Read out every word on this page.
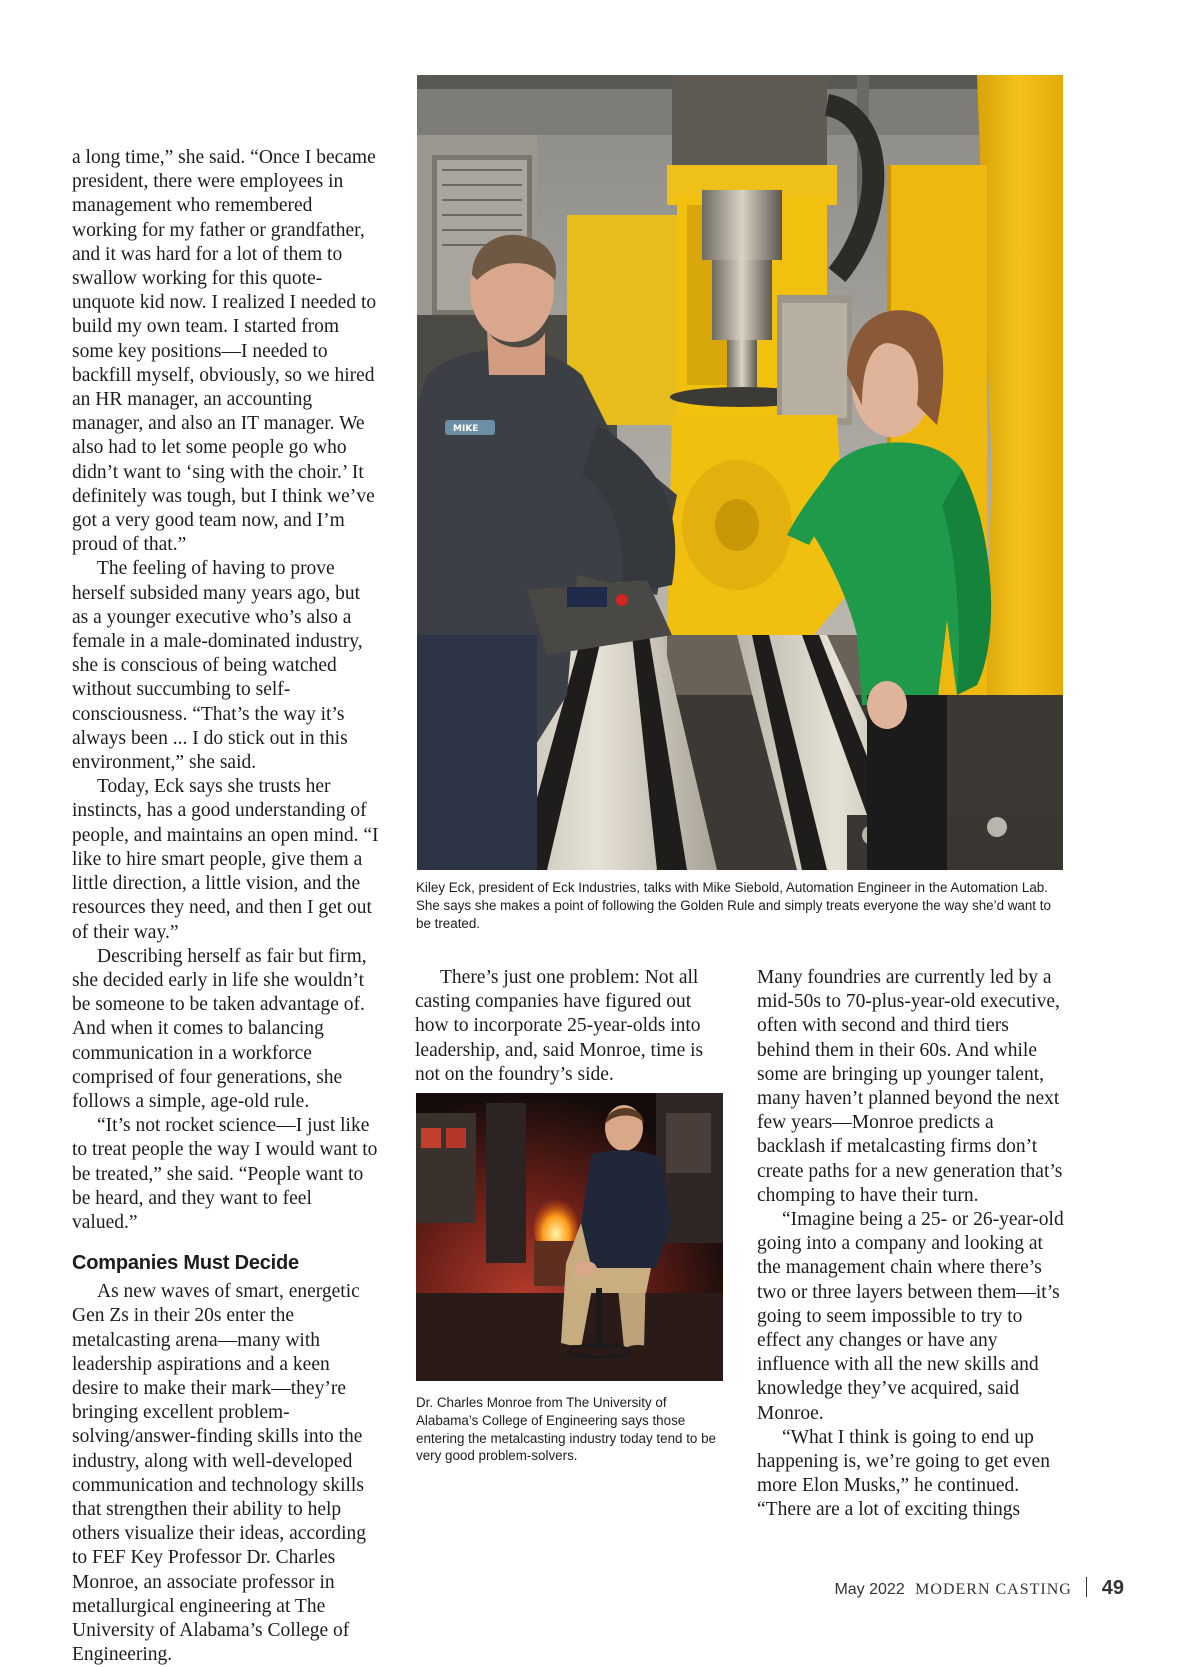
a long time,” she said. “Once I became president, there were employees in management who remembered working for my father or grandfather, and it was hard for a lot of them to swallow working for this quote-unquote kid now. I realized I needed to build my own team. I started from some key positions—I needed to backfill myself, obviously, so we hired an HR manager, an accounting manager, and also an IT manager. We also had to let some people go who didn’t want to ‘sing with the choir.’ It definitely was tough, but I think we’ve got a very good team now, and I’m proud of that.”

The feeling of having to prove herself subsided many years ago, but as a younger executive who’s also a female in a male-dominated industry, she is conscious of being watched without succumbing to self-consciousness. “That’s the way it’s always been ... I do stick out in this environment,” she said.

Today, Eck says she trusts her instincts, has a good understanding of people, and maintains an open mind. “I like to hire smart people, give them a little direction, a little vision, and the resources they need, and then I get out of their way.”

Describing herself as fair but firm, she decided early in life she wouldn’t be someone to be taken advantage of. And when it comes to balancing communication in a workforce comprised of four generations, she follows a simple, age-old rule.

“It’s not rocket science—I just like to treat people the way I would want to be treated,” she said. “People want to be heard, and they want to feel valued.”

Companies Must Decide

As new waves of smart, energetic Gen Zs in their 20s enter the metalcasting arena—many with leadership aspirations and a keen desire to make their mark—they’re bringing excellent problem-solving/answer-finding skills into the industry, along with well-developed communication and technology skills that strengthen their ability to help others visualize their ideas, according to FEF Key Professor Dr. Charles Monroe, an associate professor in metallurgical engineering at The University of Alabama’s College of Engineering.

MIKE
Kiley Eck, president of Eck Industries, talks with Mike Siebold, Automation Engineer in the Automation Lab. She says she makes a point of following the Golden Rule and simply treats everyone the way she’d want to be treated.

There’s just one problem: Not all casting companies have figured out how to incorporate 25-year-olds into leadership, and, said Monroe, time is not on the foundry’s side.

Dr. Charles Monroe from The University of Alabama’s College of Engineering says those entering the metalcasting industry today tend to be very good problem-solvers.

Many foundries are currently led by a mid-50s to 70-plus-year-old executive, often with second and third tiers behind them in their 60s. And while some are bringing up younger talent, many haven’t planned beyond the next few years—Monroe predicts a backlash if metalcasting firms don’t create paths for a new generation that’s chomping to have their turn.

“Imagine being a 25- or 26-year-old going into a company and looking at the management chain where there’s two or three layers between them—it’s going to seem impossible to try to effect any changes or have any influence with all the new skills and knowledge they’ve acquired, said Monroe.

“What I think is going to end up happening is, we’re going to get even more Elon Musks,” he continued. “There are a lot of exciting things

May 2022 MODERN CASTING 49
